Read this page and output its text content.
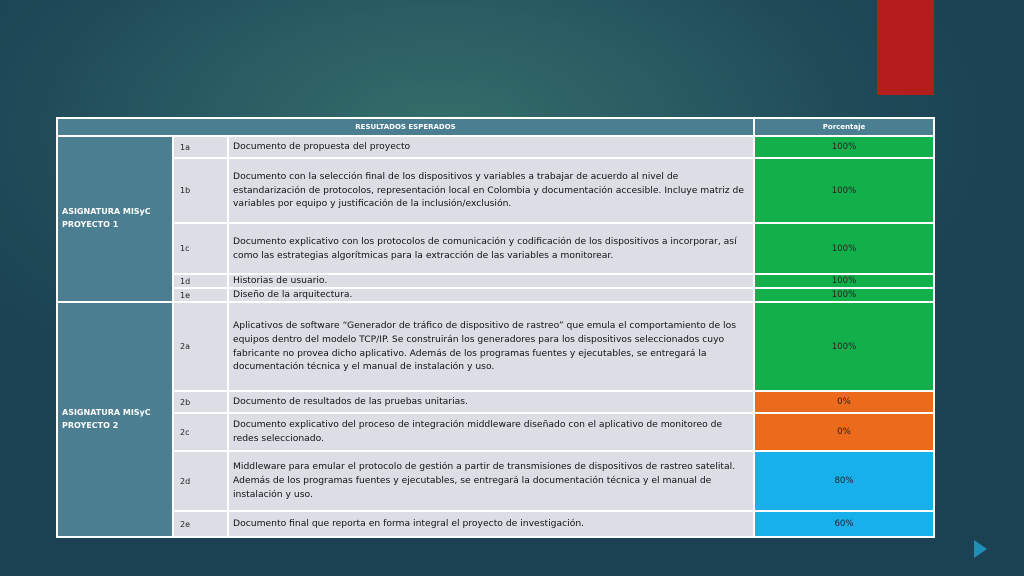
RESULTADOS ESPERADOS			Porcentaje
ASIGNATURA MISyC PROYECTO 1	1a	Documento de propuesta del proyecto	100%
	1b	Documento con la selección final de los dispositivos y variables a trabajar de acuerdo al nivel de estandarización de protocolos, representación local en Colombia y documentación accesible. Incluye matriz de variables por equipo y justificación de la inclusión/exclusión.	100%
	1c	Documento explicativo con los protocolos de comunicación y codificación de los dispositivos a incorporar, así como las estrategias algorítmicas para la extracción de las variables a monitorear.	100%
	1d	Historias de usuario.	100%
	1e	Diseño de la arquitectura.	100%
ASIGNATURA MISyC PROYECTO 2	2a	Aplicativos de software “Generador de tráfico de dispositivo de rastreo” que emula el comportamiento de los equipos dentro del modelo TCP/IP. Se construirán los generadores para los dispositivos seleccionados cuyo fabricante no provea dicho aplicativo. Además de los programas fuentes y ejecutables, se entregará la documentación técnica y el manual de instalación y uso.	100%
	2b	Documento de resultados de las pruebas unitarias.	0%
	2c	Documento explicativo del proceso de integración middleware diseñado con el aplicativo de monitoreo de redes seleccionado.	0%
	2d	Middleware para emular el protocolo de gestión a partir de transmisiones de dispositivos de rastreo satelital. Además de los programas fuentes y ejecutables, se entregará la documentación técnica y el manual de instalación y uso.	80%
	2e	Documento final que reporta en forma integral el proyecto de investigación.	60%
